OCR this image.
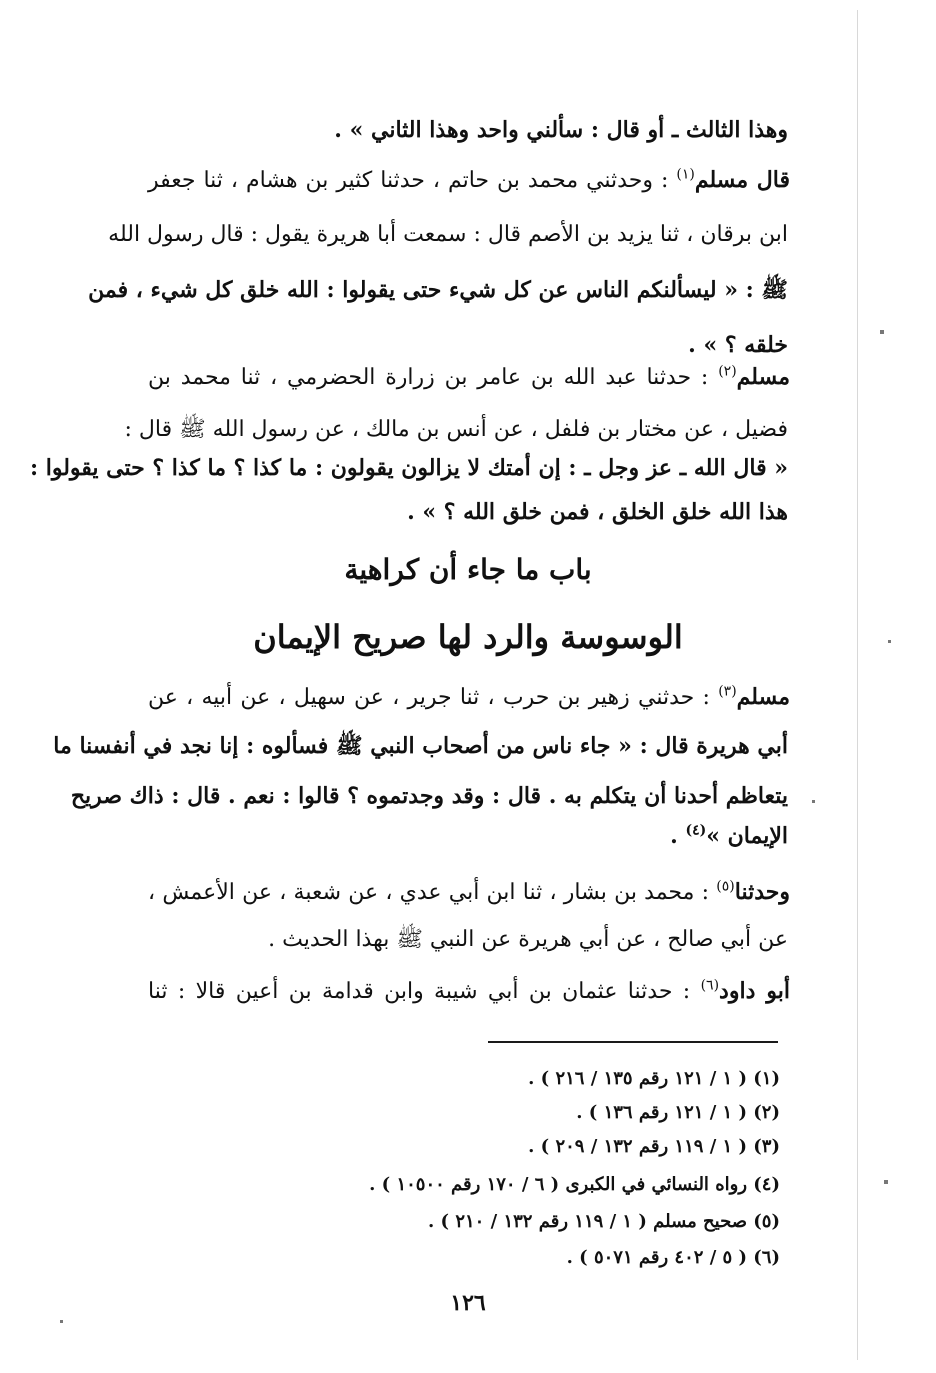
وهذا الثالث ـ أو قال : سألني واحد وهذا الثاني » .
قال مسلم$^{(١)}$ : وحدثني محمد بن حاتم ، حدثنا كثير بن هشام ، ثنا جعفر
ابن برقان ، ثنا يزيد بن الأصم قال : سمعت أبا هريرة يقول : قال رسول الله
ﷺ : « ليسألنكم الناس عن كل شيء حتى يقولوا : الله خلق كل شيء ، فمن
خلقه ؟ » .
مسلم$^{(٢)}$ : حدثنا عبد الله بن عامر بن زرارة الحضرمي ، ثنا محمد بن
فضيل ، عن مختار بن فلفل ، عن أنس بن مالك ، عن رسول الله ﷺ قال :
« قال الله ـ عز وجل ـ : إن أمتك لا يزالون يقولون : ما كذا ؟ ما كذا ؟ حتى يقولوا :
هذا الله خلق الخلق ، فمن خلق الله ؟ » .
باب ما جاء أن كراهية
الوسوسة والرد لها صريح الإيمان
مسلم$^{(٣)}$ : حدثني زهير بن حرب ، ثنا جرير ، عن سهيل ، عن أبيه ، عن
أبي هريرة قال : « جاء ناس من أصحاب النبي ﷺ فسألوه : إنا نجد في أنفسنا ما
يتعاظم أحدنا أن يتكلم به . قال : وقد وجدتموه ؟ قالوا : نعم . قال : ذاك صريح
الإيمان »$^{(٤)}$ .
وحدثنا$^{(٥)}$ : محمد بن بشار ، ثنا ابن أبي عدي ، عن شعبة ، عن الأعمش ،
عن أبي صالح ، عن أبي هريرة عن النبي ﷺ بهذا الحديث .
أبو داود$^{(٦)}$ : حدثنا عثمان بن أبي شيبة وابن قدامة بن أعين قالا : ثنا
(١) ( ١ / ١٢١ رقم ١٣٥ / ٢١٦ ) .
(٢) ( ١ / ١٢١ رقم ١٣٦ ) .
(٣) ( ١ / ١١٩ رقم ١٣٢ / ٢٠٩ ) .
(٤) رواه النسائي في الكبرى ( ٦ / ١٧٠ رقم ١٠٥٠٠ ) .
(٥) صحيح مسلم ( ١ / ١١٩ رقم ١٣٢ / ٢١٠ ) .
(٦) ( ٥ / ٤٠٢ رقم ٥٠٧١ ) .
١٢٦
